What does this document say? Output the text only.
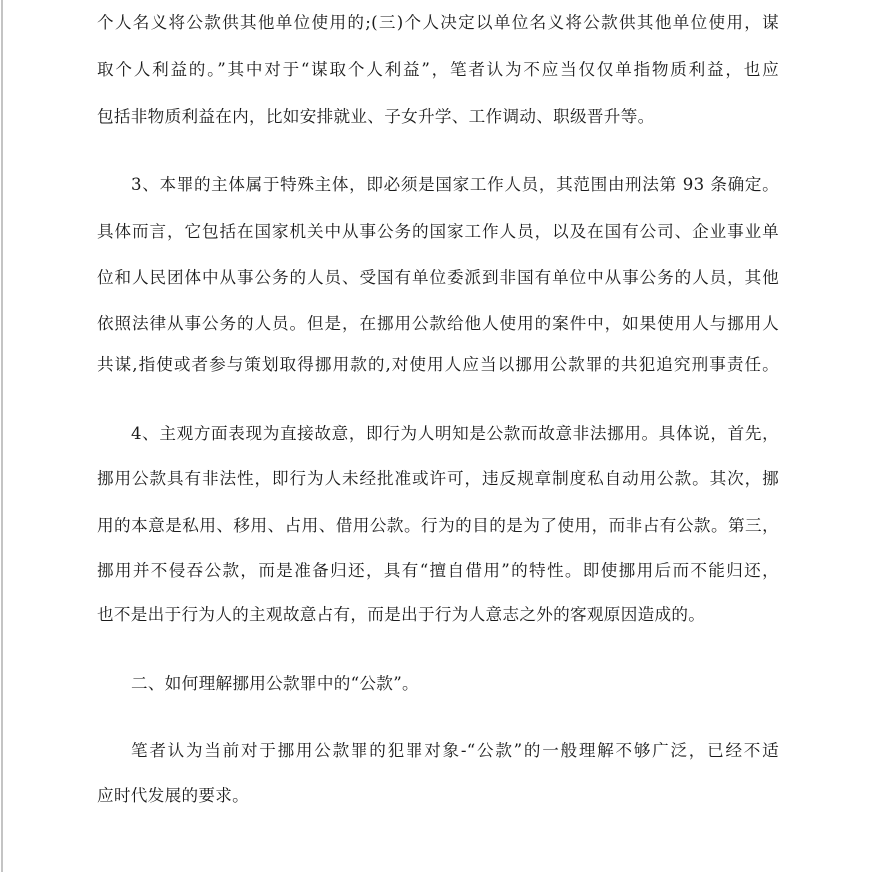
个人名义将公款供其他单位使用的;(三)个人决定以单位名义将公款供其他单位使用，谋
取个人利益的。”其中对于“谋取个人利益”，笔者认为不应当仅仅单指物质利益，也应
包括非物质利益在内，比如安排就业、子女升学、工作调动、职级晋升等。
3、本罪的主体属于特殊主体，即必须是国家工作人员，其范围由刑法第 93 条确定。
具体而言，它包括在国家机关中从事公务的国家工作人员，以及在国有公司、企业事业单
位和人民团体中从事公务的人员、受国有单位委派到非国有单位中从事公务的人员，其他
依照法律从事公务的人员。但是，在挪用公款给他人使用的案件中，如果使用人与挪用人
共谋,指使或者参与策划取得挪用款的,对使用人应当以挪用公款罪的共犯追究刑事责任。
4、主观方面表现为直接故意，即行为人明知是公款而故意非法挪用。具体说，首先，
挪用公款具有非法性，即行为人未经批准或许可，违反规章制度私自动用公款。其次，挪
用的本意是私用、移用、占用、借用公款。行为的目的是为了使用，而非占有公款。第三，
挪用并不侵吞公款，而是准备归还，具有“擅自借用”的特性。即使挪用后而不能归还，
也不是出于行为人的主观故意占有，而是出于行为人意志之外的客观原因造成的。
二、如何理解挪用公款罪中的“公款”。
笔者认为当前对于挪用公款罪的犯罪对象-“公款”的一般理解不够广泛，已经不适
应时代发展的要求。
